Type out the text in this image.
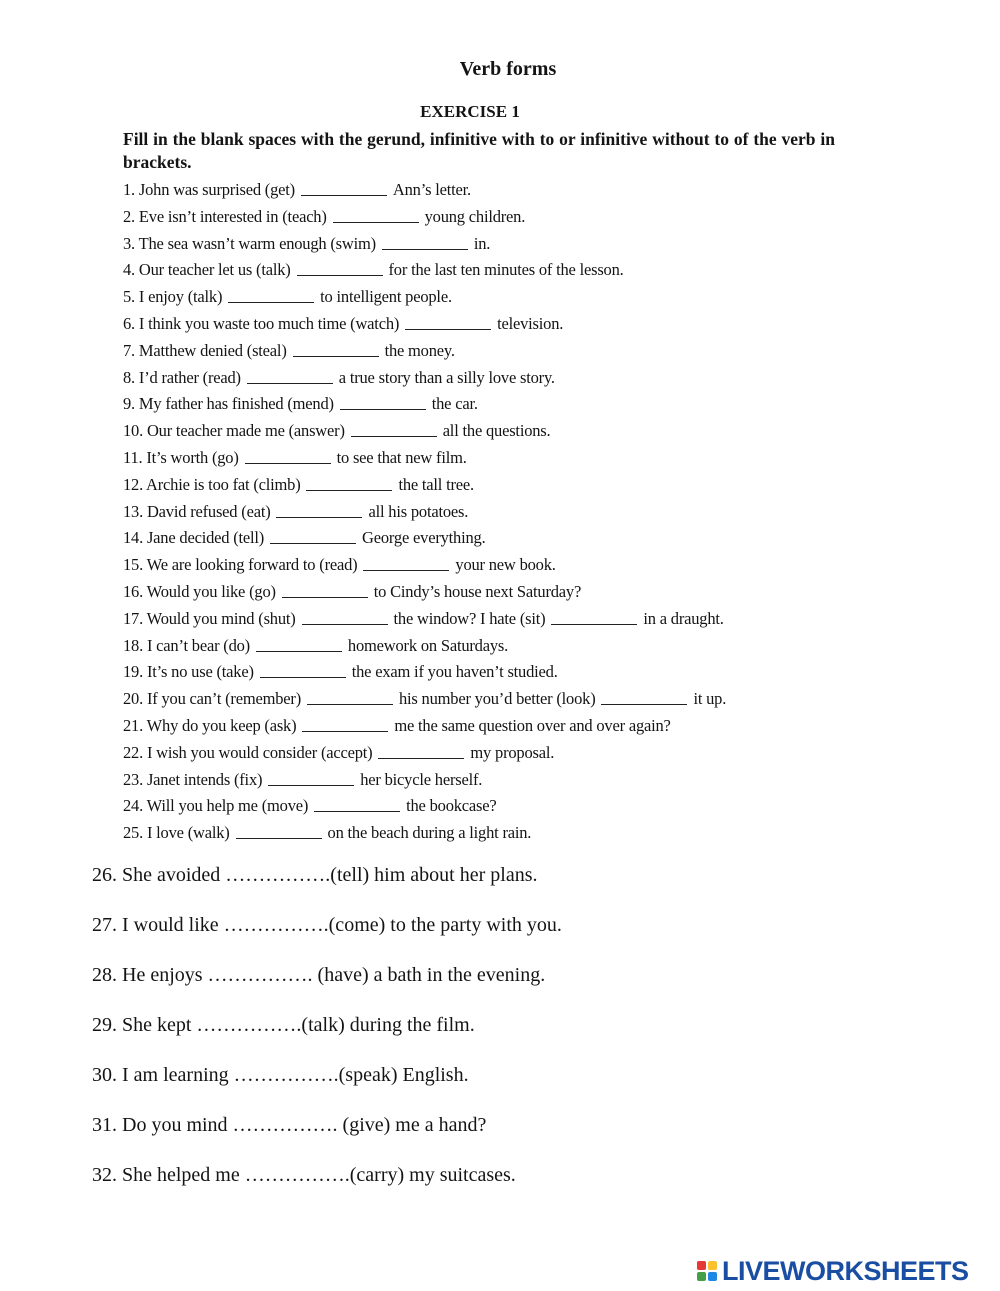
Verb forms
EXERCISE 1
Fill in the blank spaces with the gerund, infinitive with to or infinitive without to of the verb in brackets.
1. John was surprised (get)	Ann’s letter.
2. Eve isn’t interested in (teach)	young children.
3. The sea wasn’t warm enough (swim)	in.
4. Our teacher let us (talk)	for the last ten minutes of the lesson.
5. I enjoy (talk)	to intelligent people.
6. I think you waste too much time (watch)	television.
7. Matthew denied (steal)	the money.
8. I’d rather (read)	a true story than a silly love story.
9. My father has finished (mend)	the car.
10. Our teacher made me (answer)	all the questions.
11. It’s worth (go)	to see that new film.
12. Archie is too fat (climb)	the tall tree.
13. David refused (eat)	all his potatoes.
14. Jane decided (tell)	George everything.
15. We are looking forward to (read)	your new book.
16. Would you like (go)	to Cindy’s house next Saturday?
17. Would you mind (shut)	the window? I hate (sit)	in a draught.
18. I can’t bear (do)	homework on Saturdays.
19. It’s no use (take)	the exam if you haven’t studied.
20. If you can’t (remember)	his number you’d better (look)	it up.
21. Why do you keep (ask)	me the same question over and over again?
22. I wish you would consider (accept)	my proposal.
23. Janet intends (fix)	her bicycle herself.
24. Will you help me (move)	the bookcase?
25. I love (walk)	on the beach during a light rain.
26. She avoided …………….(tell) him about her plans.
27. I would like …………….(come) to the party with you.
28. He enjoys ……………. (have) a bath in the evening.
29. She kept …………….(talk) during the film.
30. I am learning …………….(speak) English.
31. Do you mind ……………. (give) me a hand?
32. She helped me …………….(carry) my suitcases.
LIVEWORKSHEETS
